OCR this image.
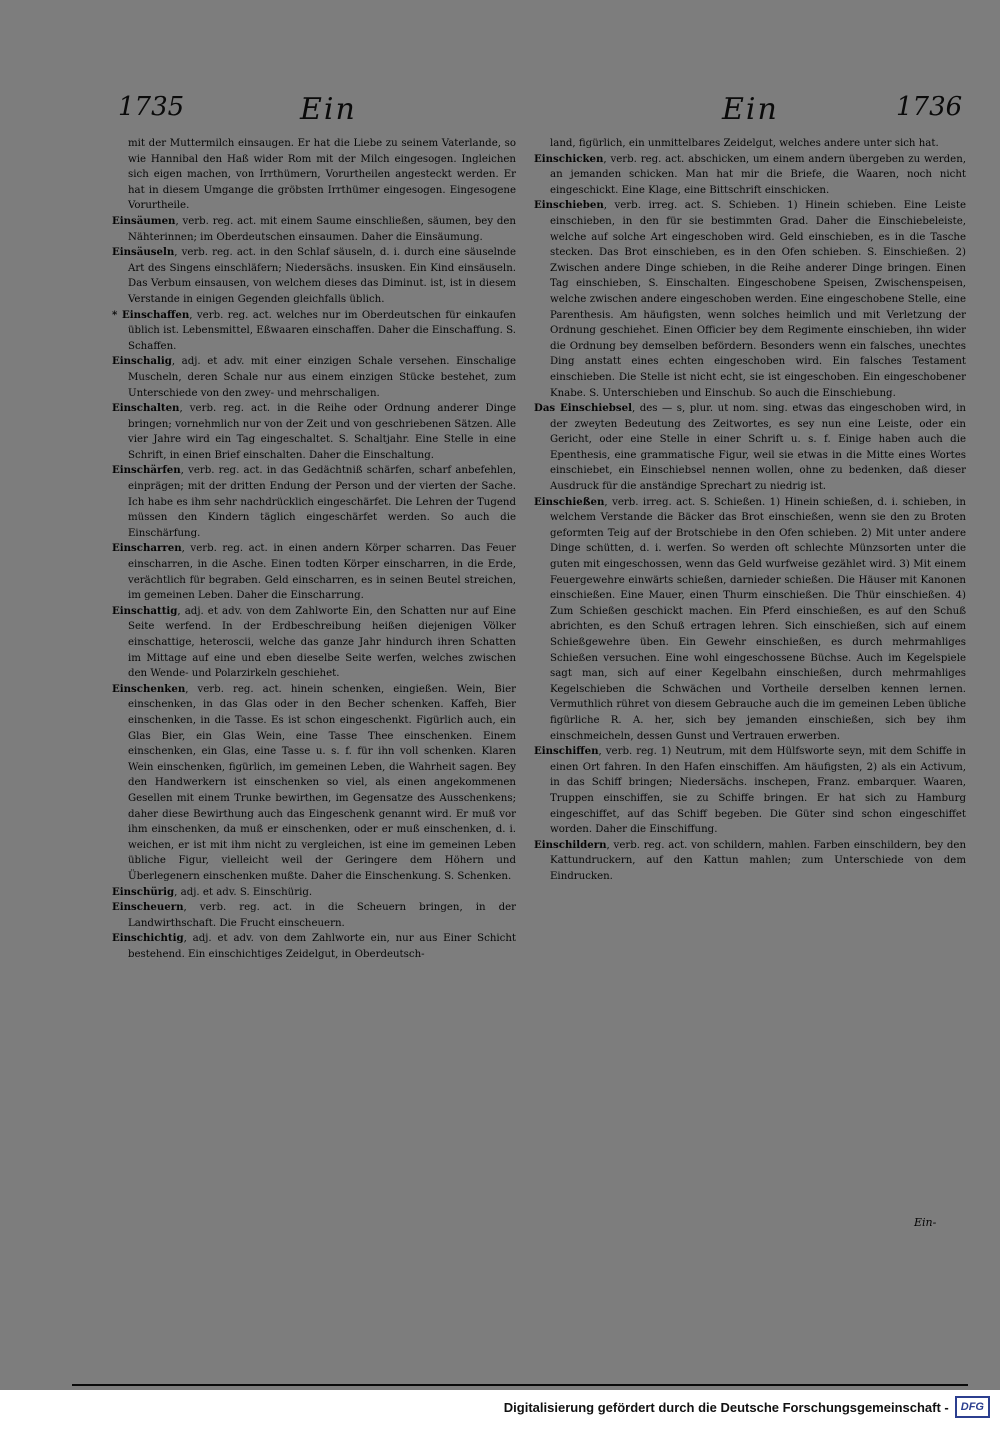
1735	Ein	Ein	1736

mit der Muttermilch einsaugen. Er hat die Liebe zu seinem Vaterlande, so wie Hannibal den Haß wider Rom mit der Milch eingesogen. Ingleichen sich eigen machen, von Irrthümern, Vorurtheilen angesteckt werden. Er hat in diesem Umgange die gröbsten Irrthümer eingesogen. Eingesogene Vorurtheile.

Einsäumen, verb. reg. act. mit einem Saume einschließen, säumen, bey den Nähterinnen; im Oberdeutschen einsaumen. Daher die Einsäumung.

Einsäuseln, verb. reg. act. in den Schlaf säuseln, d. i. durch eine säuselnde Art des Singens einschläfern; Niedersächs. insusken. Ein Kind einsäuseln. Das Verbum einsausen, von welchem dieses das Diminut. ist, ist in diesem Verstande in einigen Gegenden gleichfalls üblich.

* Einschaffen, verb. reg. act. welches nur im Oberdeutschen für einkaufen üblich ist. Lebensmittel, Eßwaaren einschaffen. Daher die Einschaffung. S. Schaffen.

Einschalig, adj. et adv. mit einer einzigen Schale versehen. Einschalige Muscheln, deren Schale nur aus einem einzigen Stücke bestehet, zum Unterschiede von den zwey- und mehrschaligen.

Einschalten, verb. reg. act. in die Reihe oder Ordnung anderer Dinge bringen; vornehmlich nur von der Zeit und von geschriebenen Sätzen. Alle vier Jahre wird ein Tag eingeschaltet. S. Schaltjahr. Eine Stelle in eine Schrift, in einen Brief einschalten. Daher die Einschaltung.

Einschärfen, verb. reg. act. in das Gedächtniß schärfen, scharf anbefehlen, einprägen; mit der dritten Endung der Person und der vierten der Sache. Ich habe es ihm sehr nachdrücklich eingeschärfet. Die Lehren der Tugend müssen den Kindern täglich eingeschärfet werden. So auch die Einschärfung.

Einscharren, verb. reg. act. in einen andern Körper scharren. Das Feuer einscharren, in die Asche. Einen todten Körper einscharren, in die Erde, verächtlich für begraben. Geld einscharren, es in seinen Beutel streichen, im gemeinen Leben. Daher die Einscharrung.

Einschattig, adj. et adv. von dem Zahlworte Ein, den Schatten nur auf Eine Seite werfend. In der Erdbeschreibung heißen diejenigen Völker einschattige, heteroscii, welche das ganze Jahr hindurch ihren Schatten im Mittage auf eine und eben dieselbe Seite werfen, welches zwischen den Wende- und Polarzirkeln geschiehet.

Einschenken, verb. reg. act. hinein schenken, eingießen. Wein, Bier einschenken, in das Glas oder in den Becher schenken. Kaffeh, Bier einschenken, in die Tasse. Es ist schon eingeschenkt. Figürlich auch, ein Glas Bier, ein Glas Wein, eine Tasse Thee einschenken. Einem einschenken, ein Glas, eine Tasse u. s. f. für ihn voll schenken. Klaren Wein einschenken, figürlich, im gemeinen Leben, die Wahrheit sagen. Bey den Handwerkern ist einschenken so viel, als einen angekommenen Gesellen mit einem Trunke bewirthen, im Gegensatze des Ausschenkens; daher diese Bewirthung auch das Eingeschenk genannt wird. Er muß vor ihm einschenken, da muß er einschenken, oder er muß einschenken, d. i. weichen, er ist mit ihm nicht zu vergleichen, ist eine im gemeinen Leben übliche Figur, vielleicht weil der Geringere dem Höhern und Überlegenern einschenken mußte. Daher die Einschenkung. S. Schenken.

Einschürig, adj. et adv. S. Einschürig.

Einscheuern, verb. reg. act. in die Scheuern bringen, in der Landwirthschaft. Die Frucht einscheuern.

Einschichtig, adj. et adv. von dem Zahlworte ein, nur aus Einer Schicht bestehend. Ein einschichtiges Zeidelgut, in Oberdeutsch-

land, figürlich, ein unmittelbares Zeidelgut, welches andere unter sich hat.

Einschicken, verb. reg. act. abschicken, um einem andern übergeben zu werden, an jemanden schicken. Man hat mir die Briefe, die Waaren, noch nicht eingeschickt. Eine Klage, eine Bittschrift einschicken.

Einschieben, verb. irreg. act. S. Schieben. 1) Hinein schieben. Eine Leiste einschieben, in den für sie bestimmten Grad. Daher die Einschiebeleiste, welche auf solche Art eingeschoben wird. Geld einschieben, es in die Tasche stecken. Das Brot einschieben, es in den Ofen schieben. S. Einschießen. 2) Zwischen andere Dinge schieben, in die Reihe anderer Dinge bringen. Einen Tag einschieben, S. Einschalten. Eingeschobene Speisen, Zwischenspeisen, welche zwischen andere eingeschoben werden. Eine eingeschobene Stelle, eine Parenthesis. Am häufigsten, wenn solches heimlich und mit Verletzung der Ordnung geschiehet. Einen Officier bey dem Regimente einschieben, ihn wider die Ordnung bey demselben befördern. Besonders wenn ein falsches, unechtes Ding anstatt eines echten eingeschoben wird. Ein falsches Testament einschieben. Die Stelle ist nicht echt, sie ist eingeschoben. Ein eingeschobener Knabe. S. Unterschieben und Einschub. So auch die Einschiebung.

Das Einschiebsel, des — s, plur. ut nom. sing. etwas das eingeschoben wird, in der zweyten Bedeutung des Zeitwortes, es sey nun eine Leiste, oder ein Gericht, oder eine Stelle in einer Schrift u. s. f. Einige haben auch die Epenthesis, eine grammatische Figur, weil sie etwas in die Mitte eines Wortes einschiebet, ein Einschiebsel nennen wollen, ohne zu bedenken, daß dieser Ausdruck für die anständige Sprechart zu niedrig ist.

Einschießen, verb. irreg. act. S. Schießen. 1) Hinein schießen, d. i. schieben, in welchem Verstande die Bäcker das Brot einschießen, wenn sie den zu Broten geformten Teig auf der Brotschiebe in den Ofen schieben. 2) Mit unter andere Dinge schütten, d. i. werfen. So werden oft schlechte Münzsorten unter die guten mit eingeschossen, wenn das Geld wurfweise gezählet wird. 3) Mit einem Feuergewehre einwärts schießen, darnieder schießen. Die Häuser mit Kanonen einschießen. Eine Mauer, einen Thurm einschießen. Die Thür einschießen. 4) Zum Schießen geschickt machen. Ein Pferd einschießen, es auf den Schuß abrichten, es den Schuß ertragen lehren. Sich einschießen, sich auf einem Schießgewehre üben. Ein Gewehr einschießen, es durch mehrmahliges Schießen versuchen. Eine wohl eingeschossene Büchse. Auch im Kegelspiele sagt man, sich auf einer Kegelbahn einschießen, durch mehrmahliges Kegelschieben die Schwächen und Vortheile derselben kennen lernen. Vermuthlich rühret von diesem Gebrauche auch die im gemeinen Leben übliche figürliche R. A. her, sich bey jemanden einschießen, sich bey ihm einschmeicheln, dessen Gunst und Vertrauen erwerben.

Einschiffen, verb. reg. 1) Neutrum, mit dem Hülfsworte seyn, mit dem Schiffe in einen Ort fahren. In den Hafen einschiffen. Am häufigsten, 2) als ein Activum, in das Schiff bringen; Niedersächs. inschepen, Franz. embarquer. Waaren, Truppen einschiffen, sie zu Schiffe bringen. Er hat sich zu Hamburg eingeschiffet, auf das Schiff begeben. Die Güter sind schon eingeschiffet worden. Daher die Einschiffung.

Einschildern, verb. reg. act. von schildern, mahlen. Farben einschildern, bey den Kattundruckern, auf den Kattun mahlen; zum Unterschiede von dem Eindrucken.

Ein-
Digitalisierung gefördert durch die Deutsche Forschungsgemeinschaft -	DFG
